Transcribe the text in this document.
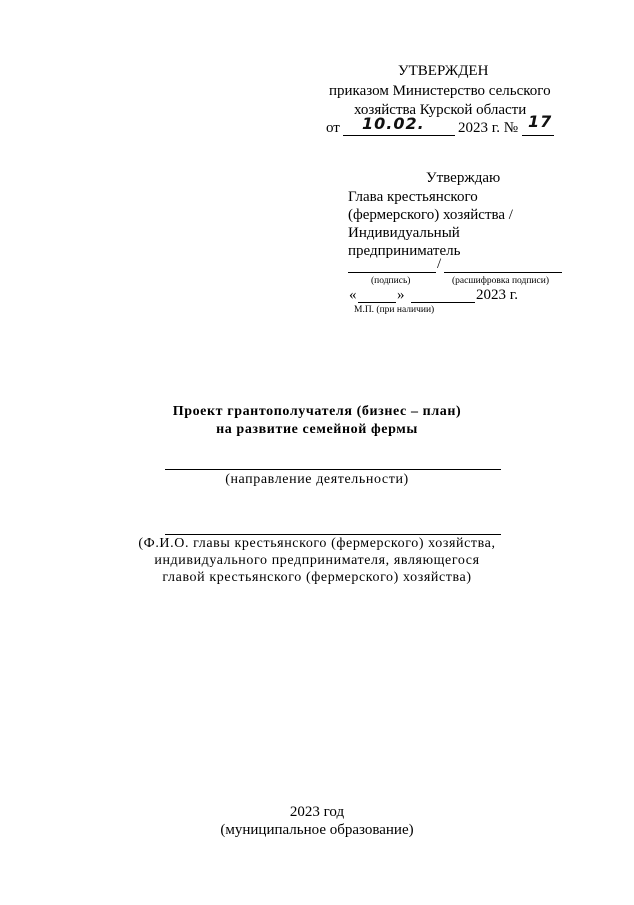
УТВЕРЖДЕН
приказом Министерство сельского
хозяйства Курской области
от 10.02. 2023 г. № 17
Утверждаю
Глава крестьянского
(фермерского) хозяйства /
Индивидуальный
предприниматель
/
(подпись)	(расшифровка подписи)
«	»	2023 г.
М.П. (при наличии)
Проект грантополучателя (бизнес – план)
на развитие семейной фермы
(направление деятельности)
(Ф.И.О. главы крестьянского (фермерского) хозяйства,
индивидуального предпринимателя, являющегося
главой крестьянского (фермерского) хозяйства)
2023 год
(муниципальное образование)
